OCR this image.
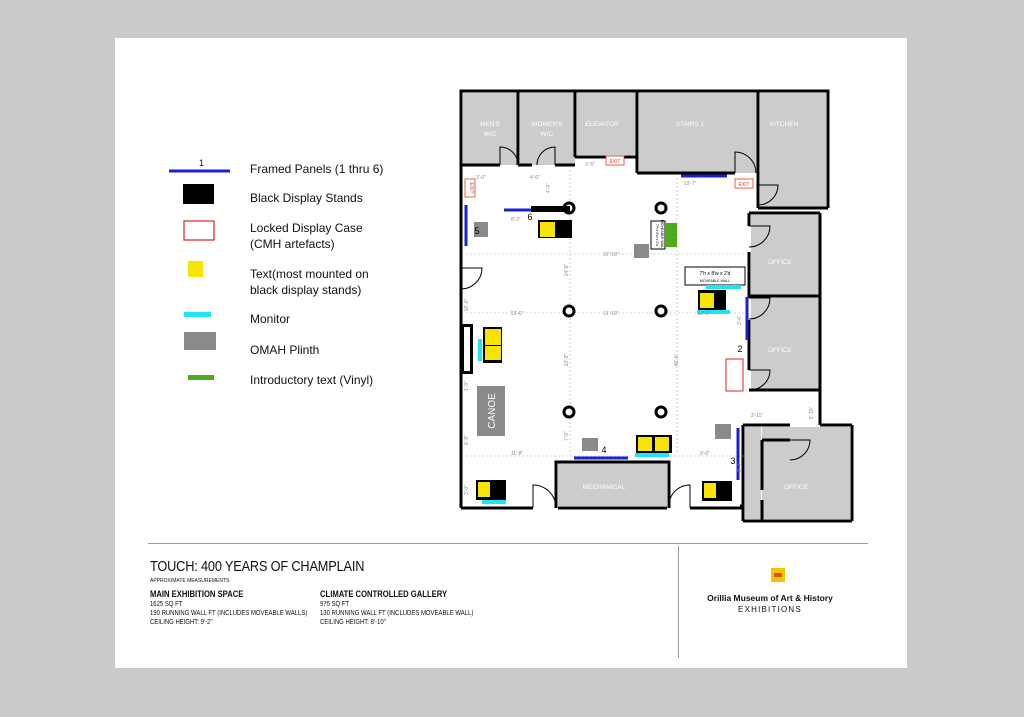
MEN'S
W/C
WOMEN'S
W/C
ELEVATOR	STAIRS 1	KITCHEN
OFFICE
OFFICE
OFFICE
MECHANICAL
MAIN EXHIBITION SPACE
CANOE
EXIT
EXIT
EXIT
7'h x 8'w x 2'd
MOVEABLE WALL
7'h x 8'w x 2'd MOVEABLE WALL
2
3
4
5
6
3'-0"	4'-0"
3'-5"
13'-7"
8'-2"
4'-9"
37'-10"
14'-6"
13'-6"	11'-10"	13'-8"
13'-9"	45'-6"
16'-0"
1'-9"
6'-8"
11'-8"
7'-0"
9'-0"
3'-11"	5'-10"
3'-0"
3'-6"
3'-4"
1	Framed Panels (1 thru 6)
Black Display Stands
Locked Display Case
(CMH artefacts)
Text(most mounted on
black display stands)
Monitor
OMAH Plinth
Introductory text (Vinyl)
TOUCH: 400 YEARS OF CHAMPLAIN
APPROXIMATE MEASUREMENTS
MAIN EXHIBITION SPACE
1625 SQ FT
190 RUNNING WALL FT (INCLUDES MOVEABLE WALLS)
CEILING HEIGHT: 9'-2"
CLIMATE CONTROLLED GALLERY
975 SQ FT
130 RUNNING WALL FT (INCLUDES MOVEABLE WALL)
CEILING HEIGHT: 8'-10"
Orillia Museum of Art & History
EXHIBITIONS
